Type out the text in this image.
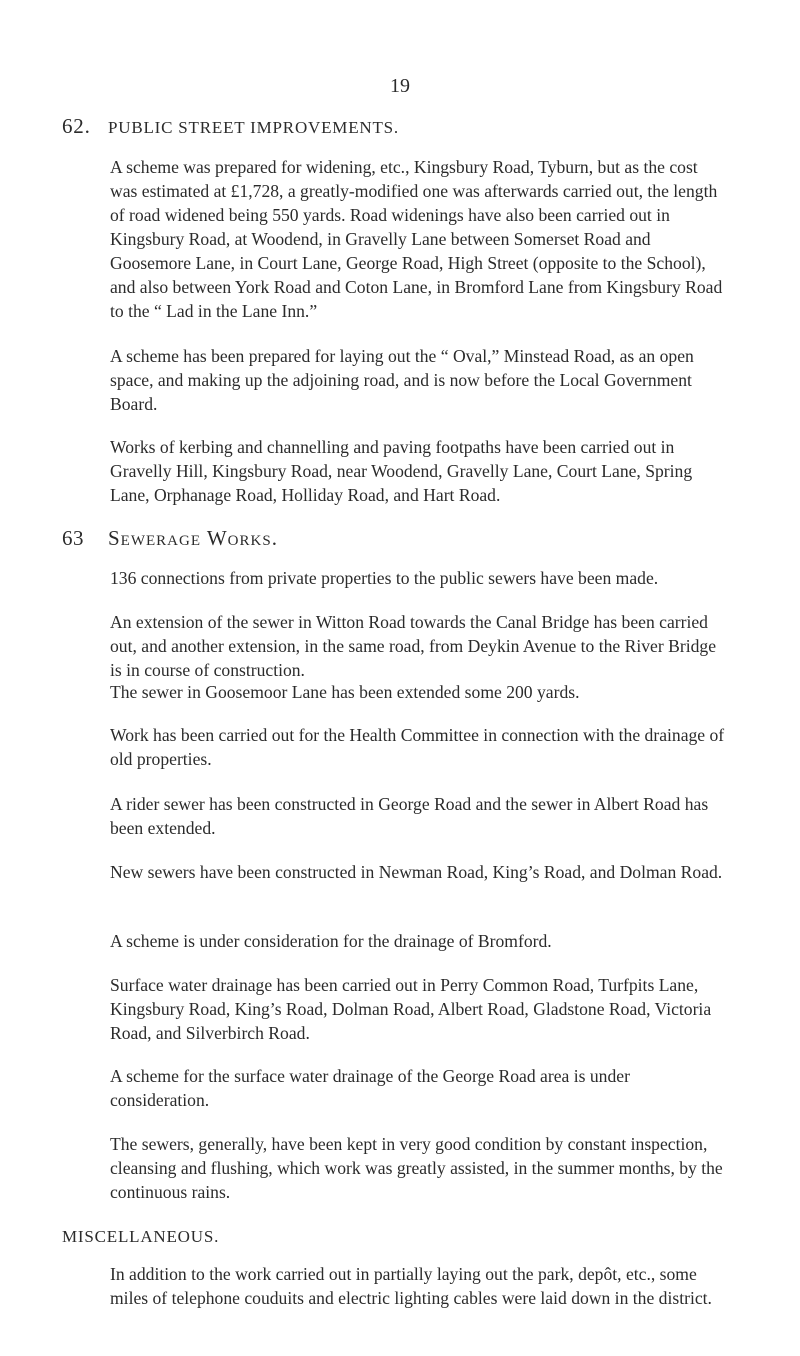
19
62. PUBLIC STREET IMPROVEMENTS.

A scheme was prepared for widening, etc., Kingsbury Road, Tyburn, but as the cost was estimated at £1,728, a greatly-modified one was afterwards carried out, the length of road widened being 550 yards. Road widenings have also been carried out in Kingsbury Road, at Woodend, in Gravelly Lane between Somerset Road and Goosemore Lane, in Court Lane, George Road, High Street (opposite to the School), and also between York Road and Coton Lane, in Bromford Lane from Kingsbury Road to the “ Lad in the Lane Inn.”

A scheme has been prepared for laying out the “ Oval,” Minstead Road, as an open space, and making up the adjoining road, and is now before the Local Government Board.

Works of kerbing and channelling and paving footpaths have been carried out in Gravelly Hill, Kingsbury Road, near Woodend, Gravelly Lane, Court Lane, Spring Lane, Orphanage Road, Holliday Road, and Hart Road.

63 Sewerage Works.

136 connections from private properties to the public sewers have been made.

An extension of the sewer in Witton Road towards the Canal Bridge has been carried out, and another extension, in the same road, from Deykin Avenue to the River Bridge is in course of construction.

The sewer in Goosemoor Lane has been extended some 200 yards.

Work has been carried out for the Health Committee in connection with the drainage of old properties.

A rider sewer has been constructed in George Road and the sewer in Albert Road has been extended.

New sewers have been constructed in Newman Road, King’s Road, and Dolman Road.

A scheme is under consideration for the drainage of Bromford.

Surface water drainage has been carried out in Perry Common Road, Turfpits Lane, Kingsbury Road, King’s Road, Dolman Road, Albert Road, Gladstone Road, Victoria Road, and Silverbirch Road.

A scheme for the surface water drainage of the George Road area is under consideration.

The sewers, generally, have been kept in very good condition by constant inspection, cleansing and flushing, which work was greatly assisted, in the summer months, by the continuous rains.

MISCELLANEOUS.

In addition to the work carried out in partially laying out the park, depôt, etc., some miles of telephone couduits and electric lighting cables were laid down in the district.
